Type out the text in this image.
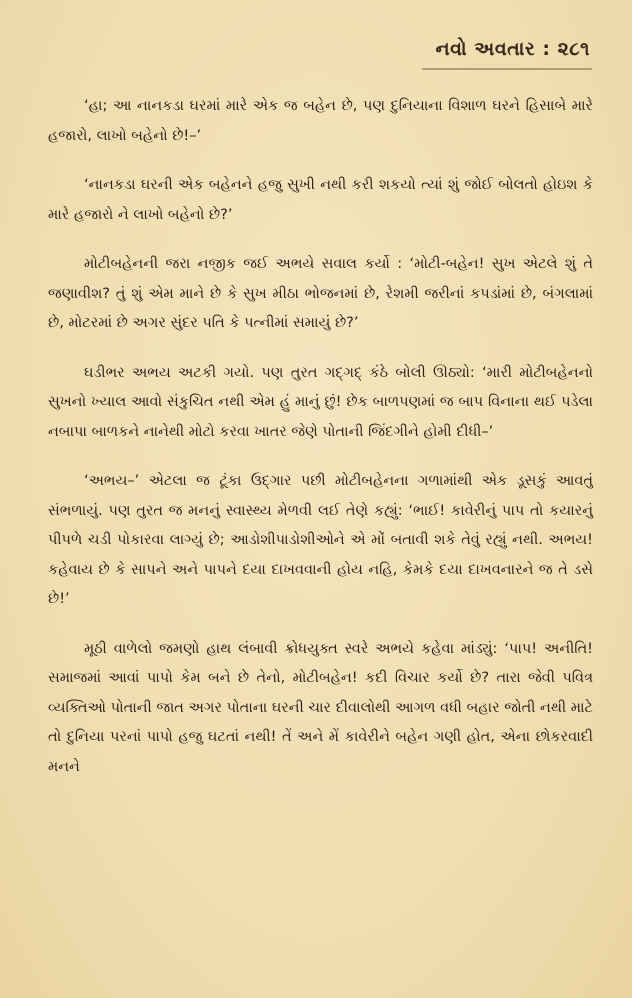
નવો અવતાર : ૨૮૧

‘હા; આ નાનકડા ઘરમાં મારે એક જ બહેન છે, પણ દુનિયાના વિશાળ ઘરને હિસાબે મારે હજારો, લાખો બહેનો છે!–’

‘નાનકડા ઘરની એક બહેનને હજુ સુખી નથી કરી શકયો ત્યાં શું જોઈ બોલતો હોઇશ કે મારે હજારો ને લાખો બહેનો છે?’

મોટીબહેનની જરા નજીક જઈ અભયે સવાલ કર્યો : ‘મોટી-બહેન! સુખ એટલે શું તે જણાવીશ? તું શું એમ માને છે કે સુખ મીઠા ભોજનમાં છે, રેશમી જરીનાં કપડાંમાં છે, બંગલામાં છે, મોટરમાં છે અગર સુંદર પતિ કે પત્નીમાં સમાયું છે?’

ઘડીભર અભય અટકી ગયો. પણ તુરત ગદ્ગદ્ કંઠે બોલી ઊઠ્યો: ‘મારી મોટીબહેનનો સુખનો ખ્યાલ આવો સંકુચિત નથી એમ હું માનું છું! છેક બાળપણમાં જ બાપ વિનાના થઈ પડેલા નબાપા બાળકને નાનેથી મોટો કરવા ખાતર જેણે પોતાની જિંદગીને હોમી દીધી–’

‘અભય–’ એટલા જ ટૂંકા ઉદ્‌ગાર પછી મોટીબહેનના ગળામાંથી એક ડૂસકું આવતું સંભળાયું. પણ તુરત જ મનનું સ્વાસ્થ્ય મેળવી લઈ તેણે કહ્યું: ‘ભાઈ! કાવેરીનું પાપ તો કયારનું પીપળે ચડી પોકારવા લાગ્યું છે; આડોશીપાડોશીઓને એ મોં બતાવી શકે તેવું રહ્યું નથી. અભય! કહેવાય છે કે સાપને અને પાપને દયા દાખવવાની હોય નહિ, કેમકે દયા દાખવનારને જ તે ડસે છે!’

મૂઠી વાળેલો જમણો હાથ લંબાવી ક્રોધયુક્ત સ્વરે અભયે કહેવા માંડ્યું: ‘પાપ! અનીતિ! સમાજમાં આવાં પાપો કેમ બને છે તેનો, મોટીબહેન! કદી વિચાર કર્યો છે? તારા જેવી પવિત્ર વ્યક્તિઓ પોતાની જાત અગર પોતાના ઘરની ચાર દીવાલોથી આગળ વધી બહાર જોતી નથી માટે તો દુનિયા પરનાં પાપો હજુ ઘટતાં નથી! તેં અને મેં કાવેરીને બહેન ગણી હોત, એના છોકરવાદી મનને
